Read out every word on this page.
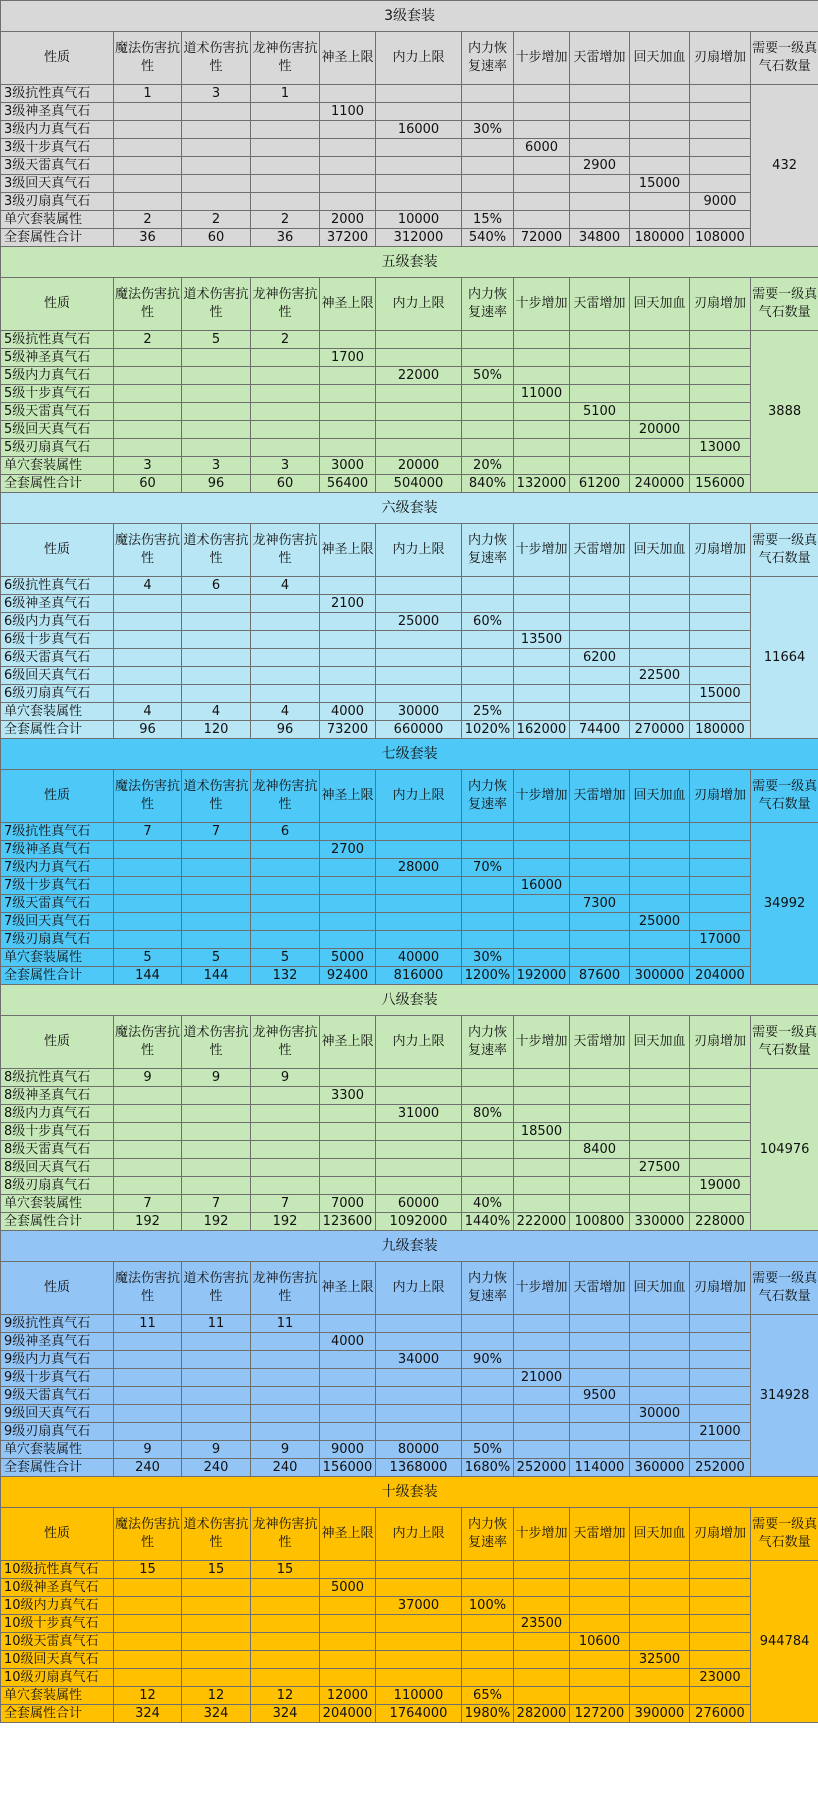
3级套装											
性质	魔法伤害抗性	道术伤害抗性	龙神伤害抗性	神圣上限	内力上限	内力恢复速率	十步增加	天雷增加	回天加血	刃扇增加	需要一级真气石数量
3级抗性真气石	1	3	1								432
3级神圣真气石				1100							
3级内力真气石					16000	30%					
3级十步真气石							6000				
3级天雷真气石								2900			
3级回天真气石									15000		
3级刃扇真气石										9000	
单穴套装属性	2	2	2	2000	10000	15%					
全套属性合计	36	60	36	37200	312000	540%	72000	34800	180000	108000	
五级套装											
性质	魔法伤害抗性	道术伤害抗性	龙神伤害抗性	神圣上限	内力上限	内力恢复速率	十步增加	天雷增加	回天加血	刃扇增加	需要一级真气石数量
5级抗性真气石	2	5	2								3888
5级神圣真气石				1700							
5级内力真气石					22000	50%					
5级十步真气石							11000				
5级天雷真气石								5100			
5级回天真气石									20000		
5级刃扇真气石										13000	
单穴套装属性	3	3	3	3000	20000	20%					
全套属性合计	60	96	60	56400	504000	840%	132000	61200	240000	156000	
六级套装											
性质	魔法伤害抗性	道术伤害抗性	龙神伤害抗性	神圣上限	内力上限	内力恢复速率	十步增加	天雷增加	回天加血	刃扇增加	需要一级真气石数量
6级抗性真气石	4	6	4								11664
6级神圣真气石				2100							
6级内力真气石					25000	60%					
6级十步真气石							13500				
6级天雷真气石								6200			
6级回天真气石									22500		
6级刃扇真气石										15000	
单穴套装属性	4	4	4	4000	30000	25%					
全套属性合计	96	120	96	73200	660000	1020%	162000	74400	270000	180000	
七级套装											
性质	魔法伤害抗性	道术伤害抗性	龙神伤害抗性	神圣上限	内力上限	内力恢复速率	十步增加	天雷增加	回天加血	刃扇增加	需要一级真气石数量
7级抗性真气石	7	7	6								34992
7级神圣真气石				2700							
7级内力真气石					28000	70%					
7级十步真气石							16000				
7级天雷真气石								7300			
7级回天真气石									25000		
7级刃扇真气石										17000	
单穴套装属性	5	5	5	5000	40000	30%					
全套属性合计	144	144	132	92400	816000	1200%	192000	87600	300000	204000	
八级套装											
性质	魔法伤害抗性	道术伤害抗性	龙神伤害抗性	神圣上限	内力上限	内力恢复速率	十步增加	天雷增加	回天加血	刃扇增加	需要一级真气石数量
8级抗性真气石	9	9	9								104976
8级神圣真气石				3300							
8级内力真气石					31000	80%					
8级十步真气石							18500				
8级天雷真气石								8400			
8级回天真气石									27500		
8级刃扇真气石										19000	
单穴套装属性	7	7	7	7000	60000	40%					
全套属性合计	192	192	192	123600	1092000	1440%	222000	100800	330000	228000	
九级套装											
性质	魔法伤害抗性	道术伤害抗性	龙神伤害抗性	神圣上限	内力上限	内力恢复速率	十步增加	天雷增加	回天加血	刃扇增加	需要一级真气石数量
9级抗性真气石	11	11	11								314928
9级神圣真气石				4000							
9级内力真气石					34000	90%					
9级十步真气石							21000				
9级天雷真气石								9500			
9级回天真气石									30000		
9级刃扇真气石										21000	
单穴套装属性	9	9	9	9000	80000	50%					
全套属性合计	240	240	240	156000	1368000	1680%	252000	114000	360000	252000	
十级套装											
性质	魔法伤害抗性	道术伤害抗性	龙神伤害抗性	神圣上限	内力上限	内力恢复速率	十步增加	天雷增加	回天加血	刃扇增加	需要一级真气石数量
10级抗性真气石	15	15	15								944784
10级神圣真气石				5000							
10级内力真气石					37000	100%					
10级十步真气石							23500				
10级天雷真气石								10600			
10级回天真气石									32500		
10级刃扇真气石										23000	
单穴套装属性	12	12	12	12000	110000	65%					
全套属性合计	324	324	324	204000	1764000	1980%	282000	127200	390000	276000	
